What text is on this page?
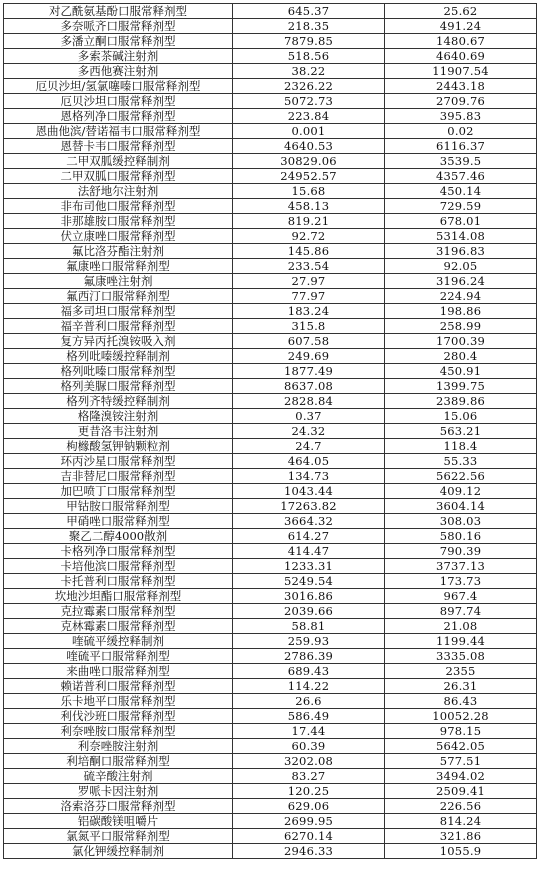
对乙酰氨基酚口服常释剂型	645.37	25.62
多奈哌齐口服常释剂型	218.35	491.24
多潘立酮口服常释剂型	7879.85	1480.67
多索茶碱注射剂	518.56	4640.69
多西他赛注射剂	38.22	11907.54
厄贝沙坦/氢氯噻嗪口服常释剂型	2326.22	2443.18
厄贝沙坦口服常释剂型	5072.73	2709.76
恩格列净口服常释剂型	223.84	395.83
恩曲他滨/替诺福韦口服常释剂型	0.001	0.02
恩替卡韦口服常释剂型	4640.53	6116.37
二甲双胍缓控释制剂	30829.06	3539.5
二甲双胍口服常释剂型	24952.57	4357.46
法舒地尔注射剂	15.68	450.14
非布司他口服常释剂型	458.13	729.59
非那雄胺口服常释剂型	819.21	678.01
伏立康唑口服常释剂型	92.72	5314.08
氟比洛芬酯注射剂	145.86	3196.83
氟康唑口服常释剂型	233.54	92.05
氟康唑注射剂	27.97	3196.24
氟西汀口服常释剂型	77.97	224.94
福多司坦口服常释剂型	183.24	198.86
福辛普利口服常释剂型	315.8	258.99
复方异丙托溴铵吸入剂	607.58	1700.39
格列吡嗪缓控释制剂	249.69	280.4
格列吡嗪口服常释剂型	1877.49	450.91
格列美脲口服常释剂型	8637.08	1399.75
格列齐特缓控释制剂	2828.84	2389.86
格隆溴铵注射剂	0.37	15.06
更昔洛韦注射剂	24.32	563.21
枸橼酸氢钾钠颗粒剂	24.7	118.4
环丙沙星口服常释剂型	464.05	55.33
吉非替尼口服常释剂型	134.73	5622.56
加巴喷丁口服常释剂型	1043.44	409.12
甲钴胺口服常释剂型	17263.82	3604.14
甲硝唑口服常释剂型	3664.32	308.03
聚乙二醇4000散剂	614.27	580.16
卡格列净口服常释剂型	414.47	790.39
卡培他滨口服常释剂型	1233.31	3737.13
卡托普利口服常释剂型	5249.54	173.73
坎地沙坦酯口服常释剂型	3016.86	967.4
克拉霉素口服常释剂型	2039.66	897.74
克林霉素口服常释剂型	58.81	21.08
喹硫平缓控释制剂	259.93	1199.44
喹硫平口服常释剂型	2786.39	3335.08
来曲唑口服常释剂型	689.43	2355
赖诺普利口服常释剂型	114.22	26.31
乐卡地平口服常释剂型	26.6	86.43
利伐沙班口服常释剂型	586.49	10052.28
利奈唑胺口服常释剂型	17.44	978.15
利奈唑胺注射剂	60.39	5642.05
利培酮口服常释剂型	3202.08	577.51
硫辛酸注射剂	83.27	3494.02
罗哌卡因注射剂	120.25	2509.41
洛索洛芬口服常释剂型	629.06	226.56
铝碳酸镁咀嚼片	2699.95	814.24
氯氮平口服常释剂型	6270.14	321.86
氯化钾缓控释制剂	2946.33	1055.9
